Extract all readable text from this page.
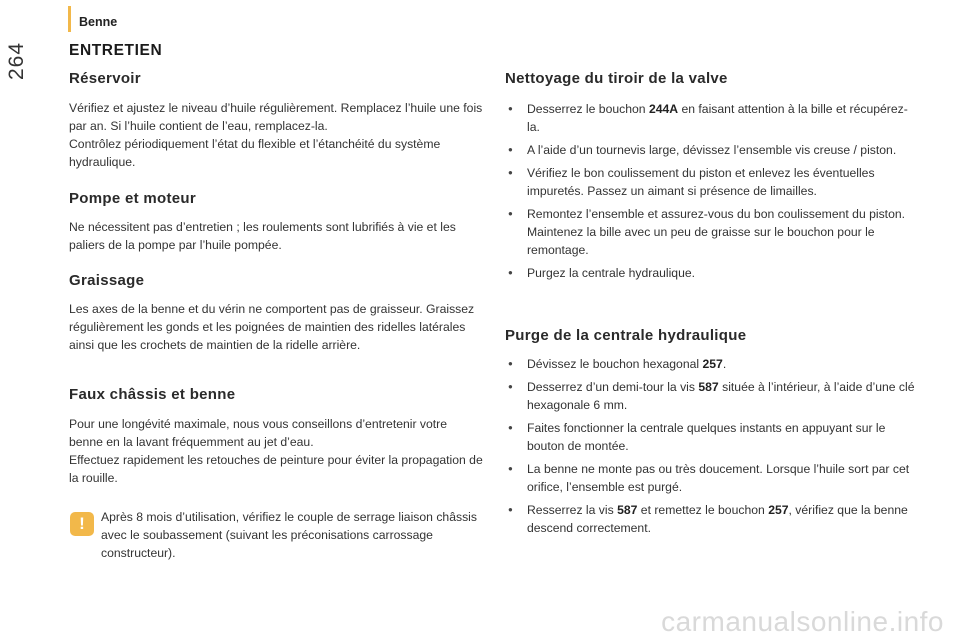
Benne
264	ENTRETIEN
Réservoir

Vérifiez et ajustez le niveau d’huile régulièrement. Remplacez l’huile une fois par an. Si l’huile contient de l’eau, remplacez-la.

Contrôlez périodiquement l’état du flexible et l’étanchéité du système hydraulique.

Pompe et moteur

Ne nécessitent pas d’entretien ; les roulements sont lubrifiés à vie et les paliers de la pompe par l’huile pompée.

Graissage

Les axes de la benne et du vérin ne comportent pas de graisseur. Graissez régulièrement les gonds et les poignées de maintien des ridelles latérales ainsi que les crochets de maintien de la ridelle arrière.

Faux châssis et benne

Pour une longévité maximale, nous vous conseillons d’entretenir votre benne en la lavant fréquemment au jet d’eau.

Effectuez rapidement les retouches de peinture pour éviter la propagation de la rouille.

!	Après 8 mois d’utilisation, vérifiez le couple de serrage liaison châssis avec le soubassement (suivant les préconisations carrossage constructeur).

Nettoyage du tiroir de la valve
● Desserrez le bouchon 244A en faisant attention à la bille et récupérez-la.
● A l’aide d’un tournevis large, dévissez l’ensemble vis creuse / piston.
● Vérifiez le bon coulissement du piston et enlevez les éventuelles impuretés. Passez un aimant si présence de limailles.
● Remontez l’ensemble et assurez-vous du bon coulissement du piston. Maintenez la bille avec un peu de graisse sur le bouchon pour le remontage.
● Purgez la centrale hydraulique.
Purge de la centrale hydraulique
● Dévissez le bouchon hexagonal 257.
● Desserrez d’un demi-tour la vis 587 située à l’intérieur, à l’aide d’une clé hexagonale 6 mm.
● Faites fonctionner la centrale quelques instants en appuyant sur le bouton de montée.
● La benne ne monte pas ou très doucement. Lorsque l’huile sort par cet orifice, l’ensemble est purgé.
● Resserrez la vis 587 et remettez le bouchon 257, vérifiez que la benne descend correctement.
carmanualsonline.info
